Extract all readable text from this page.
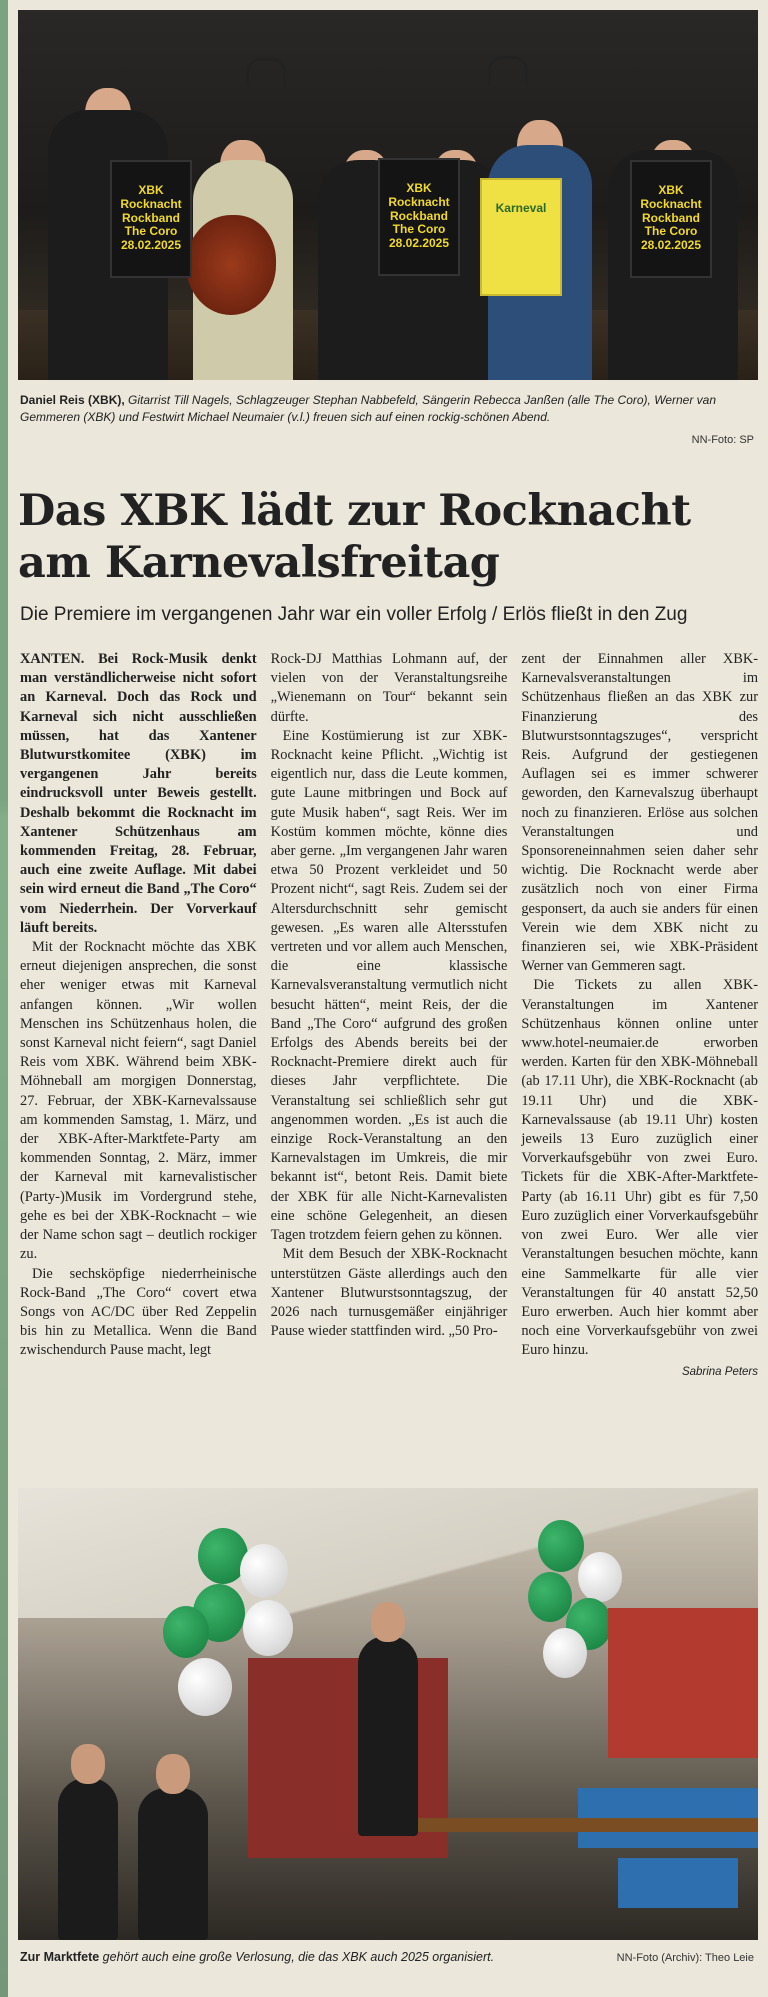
XBK Rocknacht Rockband The Coro 28.02.2025
XBK Rocknacht Rockband The Coro 28.02.2025
Karneval
XBK Rocknacht Rockband The Coro 28.02.2025
Daniel Reis (XBK), Gitarrist Till Nagels, Schlagzeuger Stephan Nabbefeld, Sängerin Rebecca Janßen (alle The Coro), Werner van Gemmeren (XBK) und Festwirt Michael Neumaier (v.l.) freuen sich auf einen rockig-schönen Abend.
NN-Foto: SP
Das XBK lädt zur Rocknacht am Karnevalsfreitag
Die Premiere im vergangenen Jahr war ein voller Erfolg / Erlös fließt in den Zug

XANTEN. Bei Rock-Musik denkt man verständlicherweise nicht sofort an Karneval. Doch das Rock und Karneval sich nicht ausschließen müssen, hat das Xantener Blutwurstkomitee (XBK) im vergangenen Jahr bereits eindrucksvoll unter Beweis gestellt. Deshalb bekommt die Rocknacht im Xantener Schützenhaus am kommenden Freitag, 28. Februar, auch eine zweite Auflage. Mit dabei sein wird erneut die Band „The Coro“ vom Niederrhein. Der Vorverkauf läuft bereits.

Mit der Rocknacht möchte das XBK erneut diejenigen ansprechen, die sonst eher weniger etwas mit Karneval anfangen können. „Wir wollen Menschen ins Schützenhaus holen, die sonst Karneval nicht feiern“, sagt Daniel Reis vom XBK. Während beim XBK-Möhneball am morgigen Donnerstag, 27. Februar, der XBK-Karnevalssause am kommenden Samstag, 1. März, und der XBK-After-Marktfete-Party am kommenden Sonntag, 2. März, immer der Karneval mit karnevalistischer (Party-)Musik im Vordergrund stehe, gehe es bei der XBK-Rocknacht – wie der Name schon sagt – deutlich rockiger zu.

Die sechsköpfige niederrheinische Rock-Band „The Coro“ covert etwa Songs von AC/DC über Red Zeppelin bis hin zu Metallica. Wenn die Band zwischendurch Pause macht, legt

Rock-DJ Matthias Lohmann auf, der vielen von der Veranstaltungsreihe „Wienemann on Tour“ bekannt sein dürfte.

Eine Kostümierung ist zur XBK-Rocknacht keine Pflicht. „Wichtig ist eigentlich nur, dass die Leute kommen, gute Laune mitbringen und Bock auf gute Musik haben“, sagt Reis. Wer im Kostüm kommen möchte, könne dies aber gerne. „Im vergangenen Jahr waren etwa 50 Prozent verkleidet und 50 Prozent nicht“, sagt Reis. Zudem sei der Altersdurchschnitt sehr gemischt gewesen. „Es waren alle Altersstufen vertreten und vor allem auch Menschen, die eine klassische Karnevalsveranstaltung vermutlich nicht besucht hätten“, meint Reis, der die Band „The Coro“ aufgrund des großen Erfolgs des Abends bereits bei der Rocknacht-Premiere direkt auch für dieses Jahr verpflichtete. Die Veranstaltung sei schließlich sehr gut angenommen worden. „Es ist auch die einzige Rock-Veranstaltung an den Karnevalstagen im Umkreis, die mir bekannt ist“, betont Reis. Damit biete der XBK für alle Nicht-Karnevalisten eine schöne Gelegenheit, an diesen Tagen trotzdem feiern gehen zu können.

Mit dem Besuch der XBK-Rocknacht unterstützen Gäste allerdings auch den Xantener Blutwurstsonntagszug, der 2026 nach turnusgemäßer einjähriger Pause wieder stattfinden wird. „50 Pro-

zent der Einnahmen aller XBK-Karnevalsveranstaltungen im Schützenhaus fließen an das XBK zur Finanzierung des Blutwurstsonntagszuges“, verspricht Reis. Aufgrund der gestiegenen Auflagen sei es immer schwerer geworden, den Karnevalszug überhaupt noch zu finanzieren. Erlöse aus solchen Veranstaltungen und Sponsoreneinnahmen seien daher sehr wichtig. Die Rocknacht werde aber zusätzlich noch von einer Firma gesponsert, da auch sie anders für einen Verein wie dem XBK nicht zu finanzieren sei, wie XBK-Präsident Werner van Gemmeren sagt.

Die Tickets zu allen XBK-Veranstaltungen im Xantener Schützenhaus können online unter www.hotel-neumaier.de erworben werden. Karten für den XBK-Möhneball (ab 17.11 Uhr), die XBK-Rocknacht (ab 19.11 Uhr) und die XBK-Karnevalssause (ab 19.11 Uhr) kosten jeweils 13 Euro zuzüglich einer Vorverkaufsgebühr von zwei Euro. Tickets für die XBK-After-Marktfete-Party (ab 16.11 Uhr) gibt es für 7,50 Euro zuzüglich einer Vorverkaufsgebühr von zwei Euro. Wer alle vier Veranstaltungen besuchen möchte, kann eine Sammelkarte für alle vier Veranstaltungen für 40 anstatt 52,50 Euro erwerben. Auch hier kommt aber noch eine Vorverkaufsgebühr von zwei Euro hinzu.

Sabrina Peters
Zur Marktfete gehört auch eine große Verlosung, die das XBK auch 2025 organisiert.	NN-Foto (Archiv): Theo Leie
